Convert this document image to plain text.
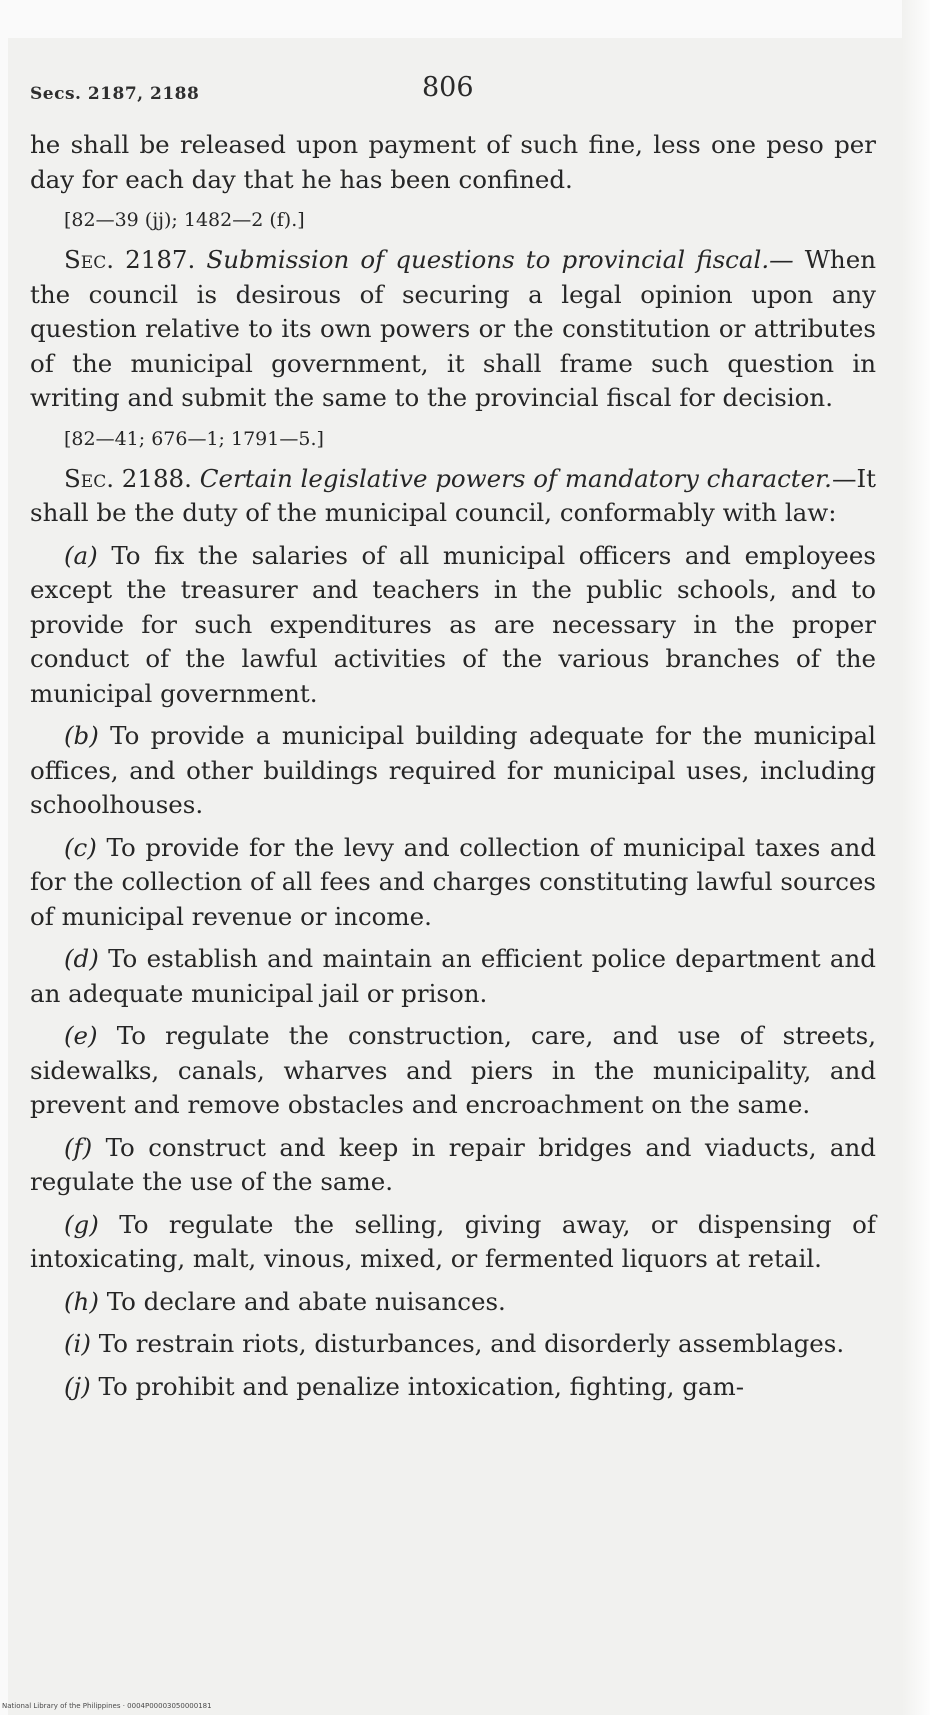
Secs. 2187, 2188	806

he shall be released upon payment of such fine, less one peso per day for each day that he has been confined.

[82—39 (jj); 1482—2 (f).]

Sec. 2187. Submission of questions to provincial fiscal.— When the council is desirous of securing a legal opinion upon any question relative to its own powers or the constitution or attributes of the municipal government, it shall frame such question in writing and submit the same to the provincial fiscal for decision.

[82—41; 676—1; 1791—5.]

Sec. 2188. Certain legislative powers of mandatory character.—It shall be the duty of the municipal council, conformably with law:

(a) To fix the salaries of all municipal officers and employees except the treasurer and teachers in the public schools, and to provide for such expenditures as are necessary in the proper conduct of the lawful activities of the various branches of the municipal government.

(b) To provide a municipal building adequate for the municipal offices, and other buildings required for municipal uses, including schoolhouses.

(c) To provide for the levy and collection of municipal taxes and for the collection of all fees and charges constituting lawful sources of municipal revenue or income.

(d) To establish and maintain an efficient police department and an adequate municipal jail or prison.

(e) To regulate the construction, care, and use of streets, sidewalks, canals, wharves and piers in the municipality, and prevent and remove obstacles and encroachment on the same.

(f) To construct and keep in repair bridges and viaducts, and regulate the use of the same.

(g) To regulate the selling, giving away, or dispensing of intoxicating, malt, vinous, mixed, or fermented liquors at retail.

(h) To declare and abate nuisances.

(i) To restrain riots, disturbances, and disorderly assemblages.

(j) To prohibit and penalize intoxication, fighting, gam-

National Library of the Philippines · 0004P00003050000181
